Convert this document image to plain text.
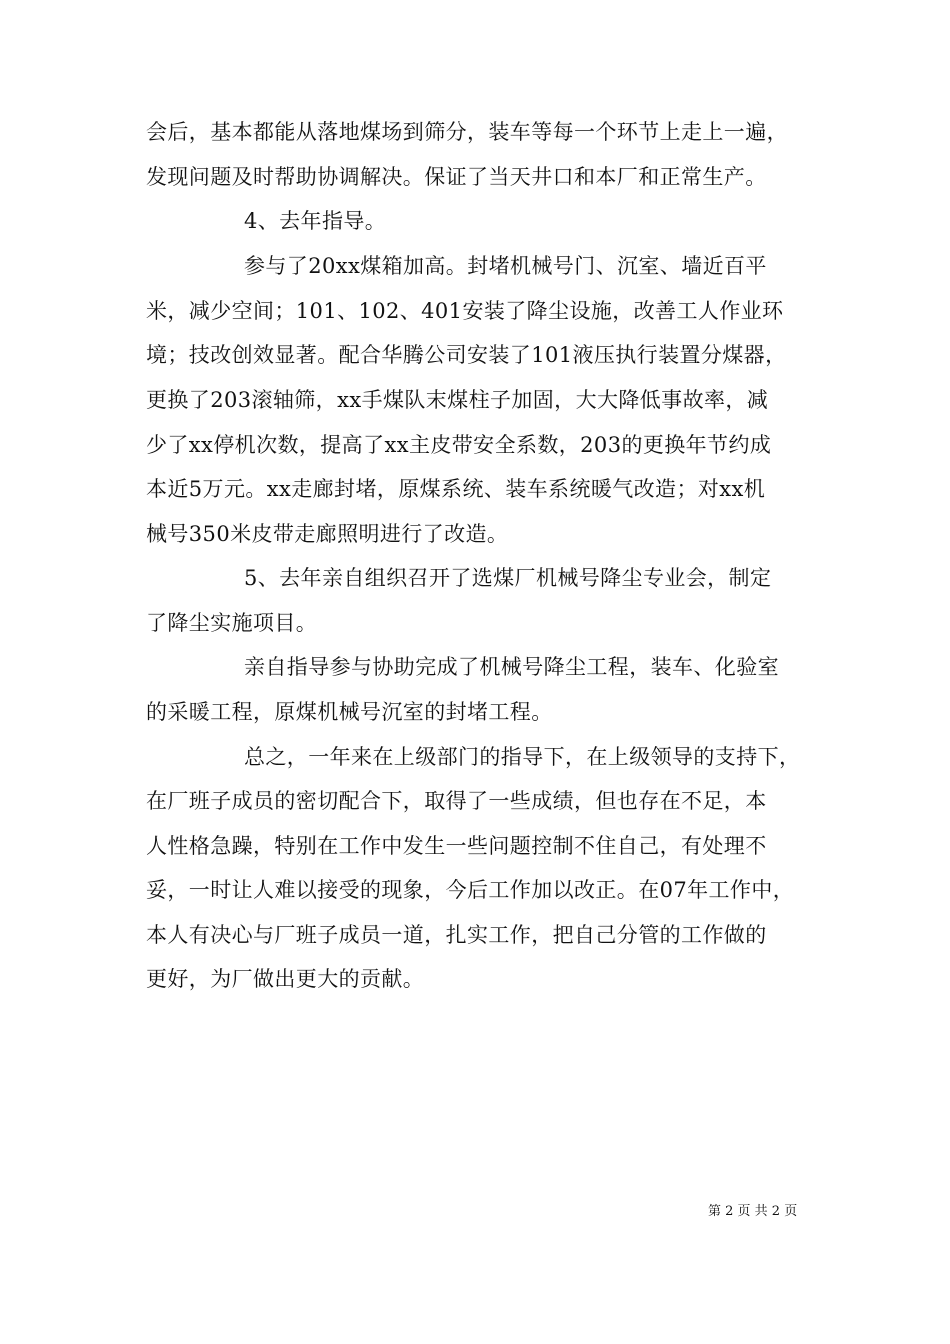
会后，基本都能从落地煤场到筛分，装车等每一个环节上走上一遍，
发现问题及时帮助协调解决。保证了当天井口和本厂和正常生产。
4、去年指导。
参与了20xx煤箱加高。封堵机械号门、沉室、墙近百平
米，减少空间；101、102、401安装了降尘设施，改善工人作业环
境；技改创效显著。配合华腾公司安装了101液压执行装置分煤器，
更换了203滚轴筛，xx手煤队末煤柱子加固，大大降低事故率，减
少了xx停机次数，提高了xx主皮带安全系数，203的更换年节约成
本近5万元。xx走廊封堵，原煤系统、装车系统暖气改造；对xx机
械号350米皮带走廊照明进行了改造。
5、去年亲自组织召开了选煤厂机械号降尘专业会，制定
了降尘实施项目。
亲自指导参与协助完成了机械号降尘工程，装车、化验室
的采暖工程，原煤机械号沉室的封堵工程。
总之，一年来在上级部门的指导下，在上级领导的支持下，
在厂班子成员的密切配合下，取得了一些成绩，但也存在不足，本
人性格急躁，特别在工作中发生一些问题控制不住自己，有处理不
妥，一时让人难以接受的现象，今后工作加以改正。在07年工作中，
本人有决心与厂班子成员一道，扎实工作，把自己分管的工作做的
更好，为厂做出更大的贡献。
第 2 页 共 2 页
